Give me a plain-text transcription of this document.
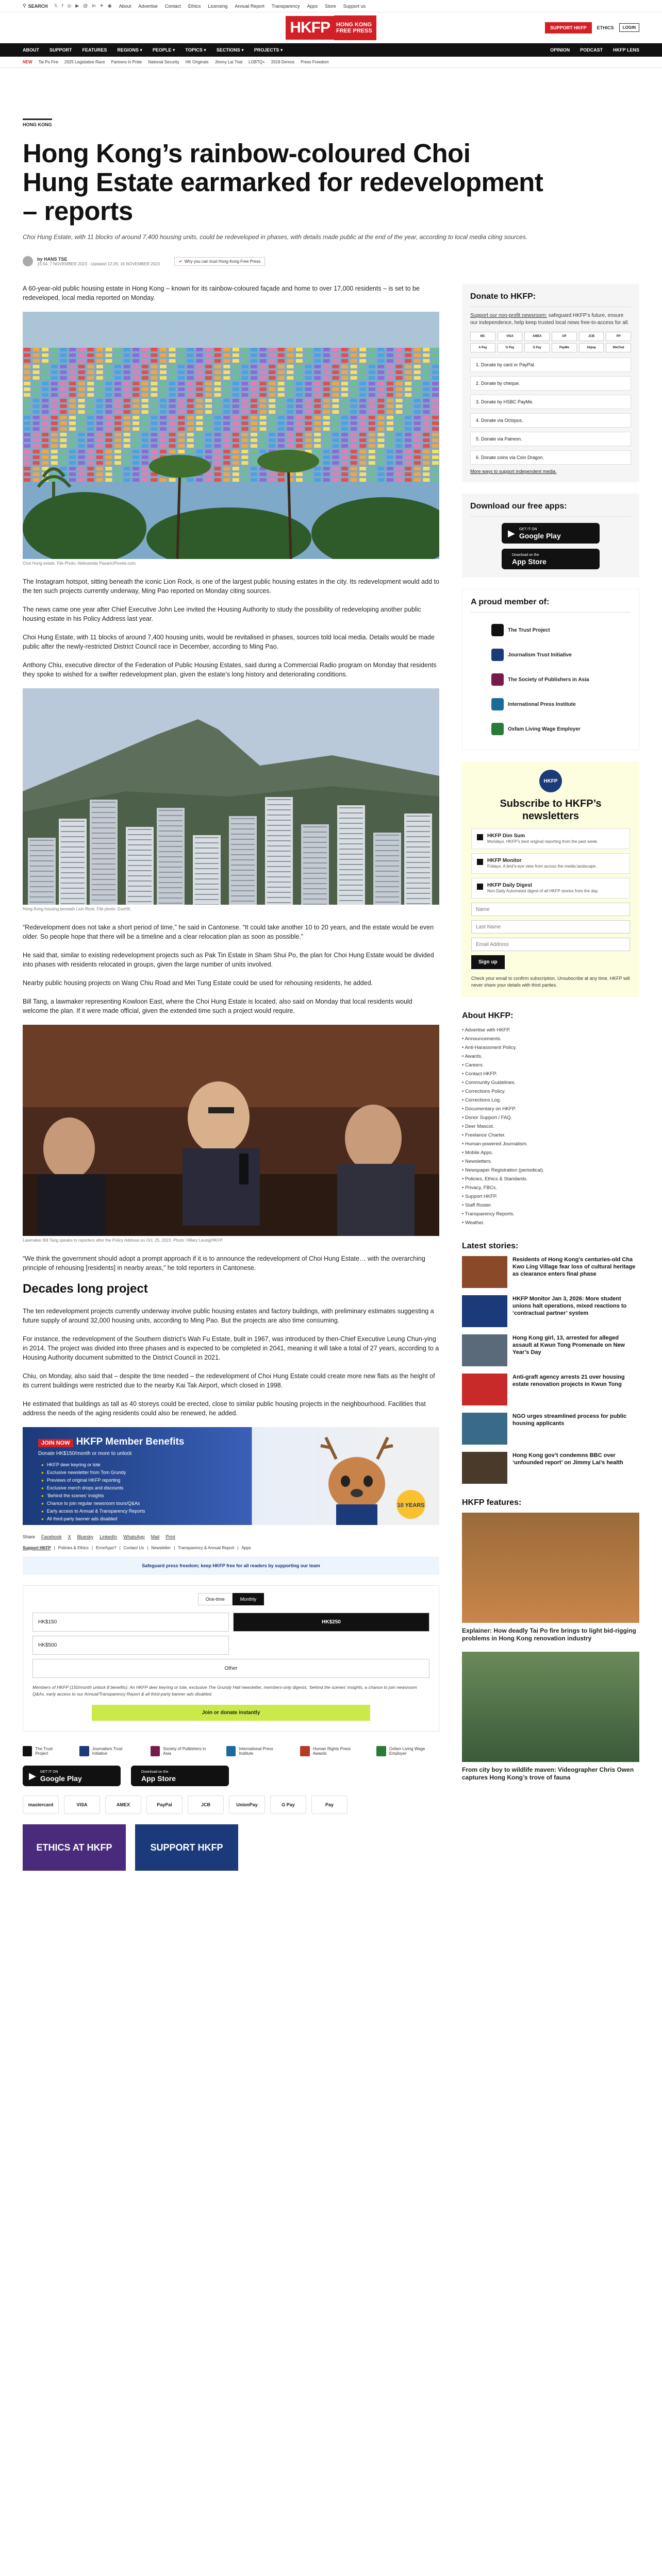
⚲ SEARCH 𝕏 f ◎ ▶ @ in ✈ ◉ About Advertise Contact Ethics Licensing Annual Report Transparency Apps Store Support us
HKFP	HONG KONG
FREE PRESS
SUPPORT HKFP	ETHICS	LOGIN
ABOUT SUPPORT FEATURES REGIONS ▾ PEOPLE ▾ TOPICS ▾ SECTIONS ▾ PROJECTS ▾	OPINION PODCAST HKFP LENS
NEW Tai Po Fire 2025 Legislative Race Partners in Pride National Security HK Originals Jimmy Lai Trial LGBTQ+ 2019 Demos Press Freedom
HONG KONG
Hong Kong’s rainbow-coloured Choi Hung Estate earmarked for redevelopment – reports
Choi Hung Estate, with 11 blocks of around 7,400 housing units, could be redeveloped in phases, with details made public at the end of the year, according to local media citing sources.
by HANS TSE
15:54, 7 NOVEMBER 2023 · Updated 12:26, 16 NOVEMBER 2023
✔ Why you can trust Hong Kong Free Press

A 60-year-old public housing estate in Hong Kong – known for its rainbow-coloured façade and home to over 17,000 residents – is set to be redeveloped, local media reported on Monday.

Choi Hung estate. File Photo: Aleksandar Pasaric/Pexels.com.

The Instagram hotspot, sitting beneath the iconic Lion Rock, is one of the largest public housing estates in the city. Its redevelopment would add to the ten such projects currently underway, Ming Pao reported on Monday citing sources.

The news came one year after Chief Executive John Lee invited the Housing Authority to study the possibility of redeveloping another public housing estate in his Policy Address last year.

Choi Hung Estate, with 11 blocks of around 7,400 housing units, would be revitalised in phases, sources told local media. Details would be made public after the newly-restricted District Council race in December, according to Ming Pao.

Anthony Chiu, executive director of the Federation of Public Housing Estates, said during a Commercial Radio program on Monday that residents they spoke to wished for a swifter redevelopment plan, given the estate’s long history and deteriorating conditions.

Hong Kong housing beneath Lion Rock. File photo: GovHK.

“Redevelopment does not take a short period of time,” he said in Cantonese. “It could take another 10 to 20 years, and the estate would be even older. So people hope that there will be a timeline and a clear relocation plan as soon as possible.”

He said that, similar to existing redevelopment projects such as Pak Tin Estate in Sham Shui Po, the plan for Choi Hung Estate would be divided into phases with residents relocated in groups, given the large number of units involved.

Nearby public housing projects on Wang Chiu Road and Mei Tung Estate could be used for rehousing residents, he added.

Bill Tang, a lawmaker representing Kowloon East, where the Choi Hung Estate is located, also said on Monday that local residents would welcome the plan. If it were made official, given the extended time such a project would require.

Lawmaker Bill Tang speaks to reporters after the Policy Address on Oct. 25, 2023. Photo: Hillary Leung/HKFP.

“We think the government should adopt a prompt approach if it is to announce the redevelopment of Choi Hung Estate… with the overarching principle of rehousing [residents] in nearby areas,” he told reporters in Cantonese.

Decades long project

The ten redevelopment projects currently underway involve public housing estates and factory buildings, with preliminary estimates suggesting a future supply of around 32,000 housing units, according to Ming Pao. But the projects are also time consuming.

For instance, the redevelopment of the Southern district’s Wah Fu Estate, built in 1967, was introduced by then-Chief Executive Leung Chun-ying in 2014. The project was divided into three phases and is expected to be completed in 2041, meaning it will take a total of 27 years, according to a Housing Authority document submitted to the District Council in 2021.

Chiu, on Monday, also said that – despite the time needed – the redevelopment of Choi Hung Estate could create more new flats as the height of its current buildings were restricted due to the nearby Kai Tak Airport, which closed in 1998.

He estimated that buildings as tall as 40 storeys could be erected, close to similar public housing projects in the neighbourhood. Facilities that address the needs of the aging residents could also be renewed, he added.

JOIN NOW HKFP Member Benefits
Donate HK$150/month or more to unlock
● HKFP deer keyring or tote
● Exclusive newsletter from Tom Grundy
● Previews of original HKFP reporting
● Exclusive merch drops and discounts
● ‘Behind the scenes’ insights
● Chance to join regular newsroom tours/Q&As
● Early access to Annual & Transparency Reports
● All third-party banner ads disabled
10 YEARS
Share Facebook X Bluesky LinkedIn WhatsApp Mail Print
Support HKFP | Policies & Ethics | Error/typo? | Contact Us | Newsletter | Transparency & Annual Report | Apps
Safeguard press freedom; keep HKFP free for all readers by supporting our team
One-time	Monthly
HK$150	HK$250
HK$500
Other
Members of HKFP (150/month unlock 8 benefits): An HKFP deer keyring or tote, exclusive The Grundy Hall newsletter, members-only digests, ‘behind the scenes’ insights, a chance to join newsroom Q&As, early access to our Annual/Transparency Report & all third-party banner ads disabled.
Join or donate instantly
The Trust Project
Journalism Trust Initiative
Society of Publishers in Asia
International Press Institute
Human Rights Press Awards
Oxfam Living Wage Employer
▶ GET IT ON
Google Play
Download on the
App Store
mastercard	VISA	AMEX	PayPal	JCB	UnionPay	G Pay	Pay
ETHICS AT HKFP	SUPPORT HKFP
Donate to HKFP:

Support our non-profit newsroom: safeguard HKFP’s future, ensure our independence, help keep trusted local news free-to-access for all.

MC	VISA	AMEX	UP	JCB	PP
A Pay	G Pay	S Pay	PayMe	Alipay	WeChat
1. Donate by card or PayPal.
2. Donate by cheque.
3. Donate by HSBC PayMe.
4. Donate via Octopus.
5. Donate via Patreon.
6. Donate coins via Coin Dragon.
More ways to support independent media.
Download our free apps:
▶ GET IT ON
Google Play
Download on the
App Store
A proud member of:
The Trust Project
Journalism Trust Initiative
The Society of Publishers in Asia
International Press Institute
Oxfam Living Wage Employer
HKFP
Subscribe to HKFP’s newsletters
HKFP Dim Sum
Mondays. HKFP’s best original reporting from the past week.
HKFP Monitor
Fridays. A bird’s-eye view from across the media landscape.
HKFP Daily Digest
Non-Daily Automated digest of all HKFP stories from the day.
Name
Last Name
Email Address Sign up
Check your email to confirm subscription. Unsubscribe at any time. HKFP will never share your details with third parties.
About HKFP:
• Advertise with HKFP.
• Announcements.
• Anti-Harassment Policy.
• Awards.
• Careers.
• Contact HKFP.
• Community Guidelines.
• Corrections Policy.
• Corrections Log.
• Documentary on HKFP.
• Donor Support / FAQ.
• Deer Mascot.
• Freelance Charter.
• Human-powered Journalism.
• Mobile Apps.
• Newsletters.
• Newspaper Registration (periodical).
• Policies, Ethics & Standards.
• Privacy, FBCs.
• Support HKFP.
• Staff Roster.
• Transparency Reports.
• Weather.
Latest stories:
Residents of Hong Kong’s centuries-old Cha Kwo Ling Village fear loss of cultural heritage as clearance enters final phase
HKFP Monitor Jan 3, 2026: More student unions halt operations, mixed reactions to ‘contractual partner’ system
Hong Kong girl, 13, arrested for alleged assault at Kwun Tong Promenade on New Year’s Day
Anti-graft agency arrests 21 over housing estate renovation projects in Kwun Tong
NGO urges streamlined process for public housing applicants
Hong Kong gov’t condemns BBC over ‘unfounded report’ on Jimmy Lai’s health
HKFP features:
Explainer: How deadly Tai Po fire brings to light bid-rigging problems in Hong Kong renovation industry
From city boy to wildlife maven: Videographer Chris Owen captures Hong Kong’s trove of fauna
